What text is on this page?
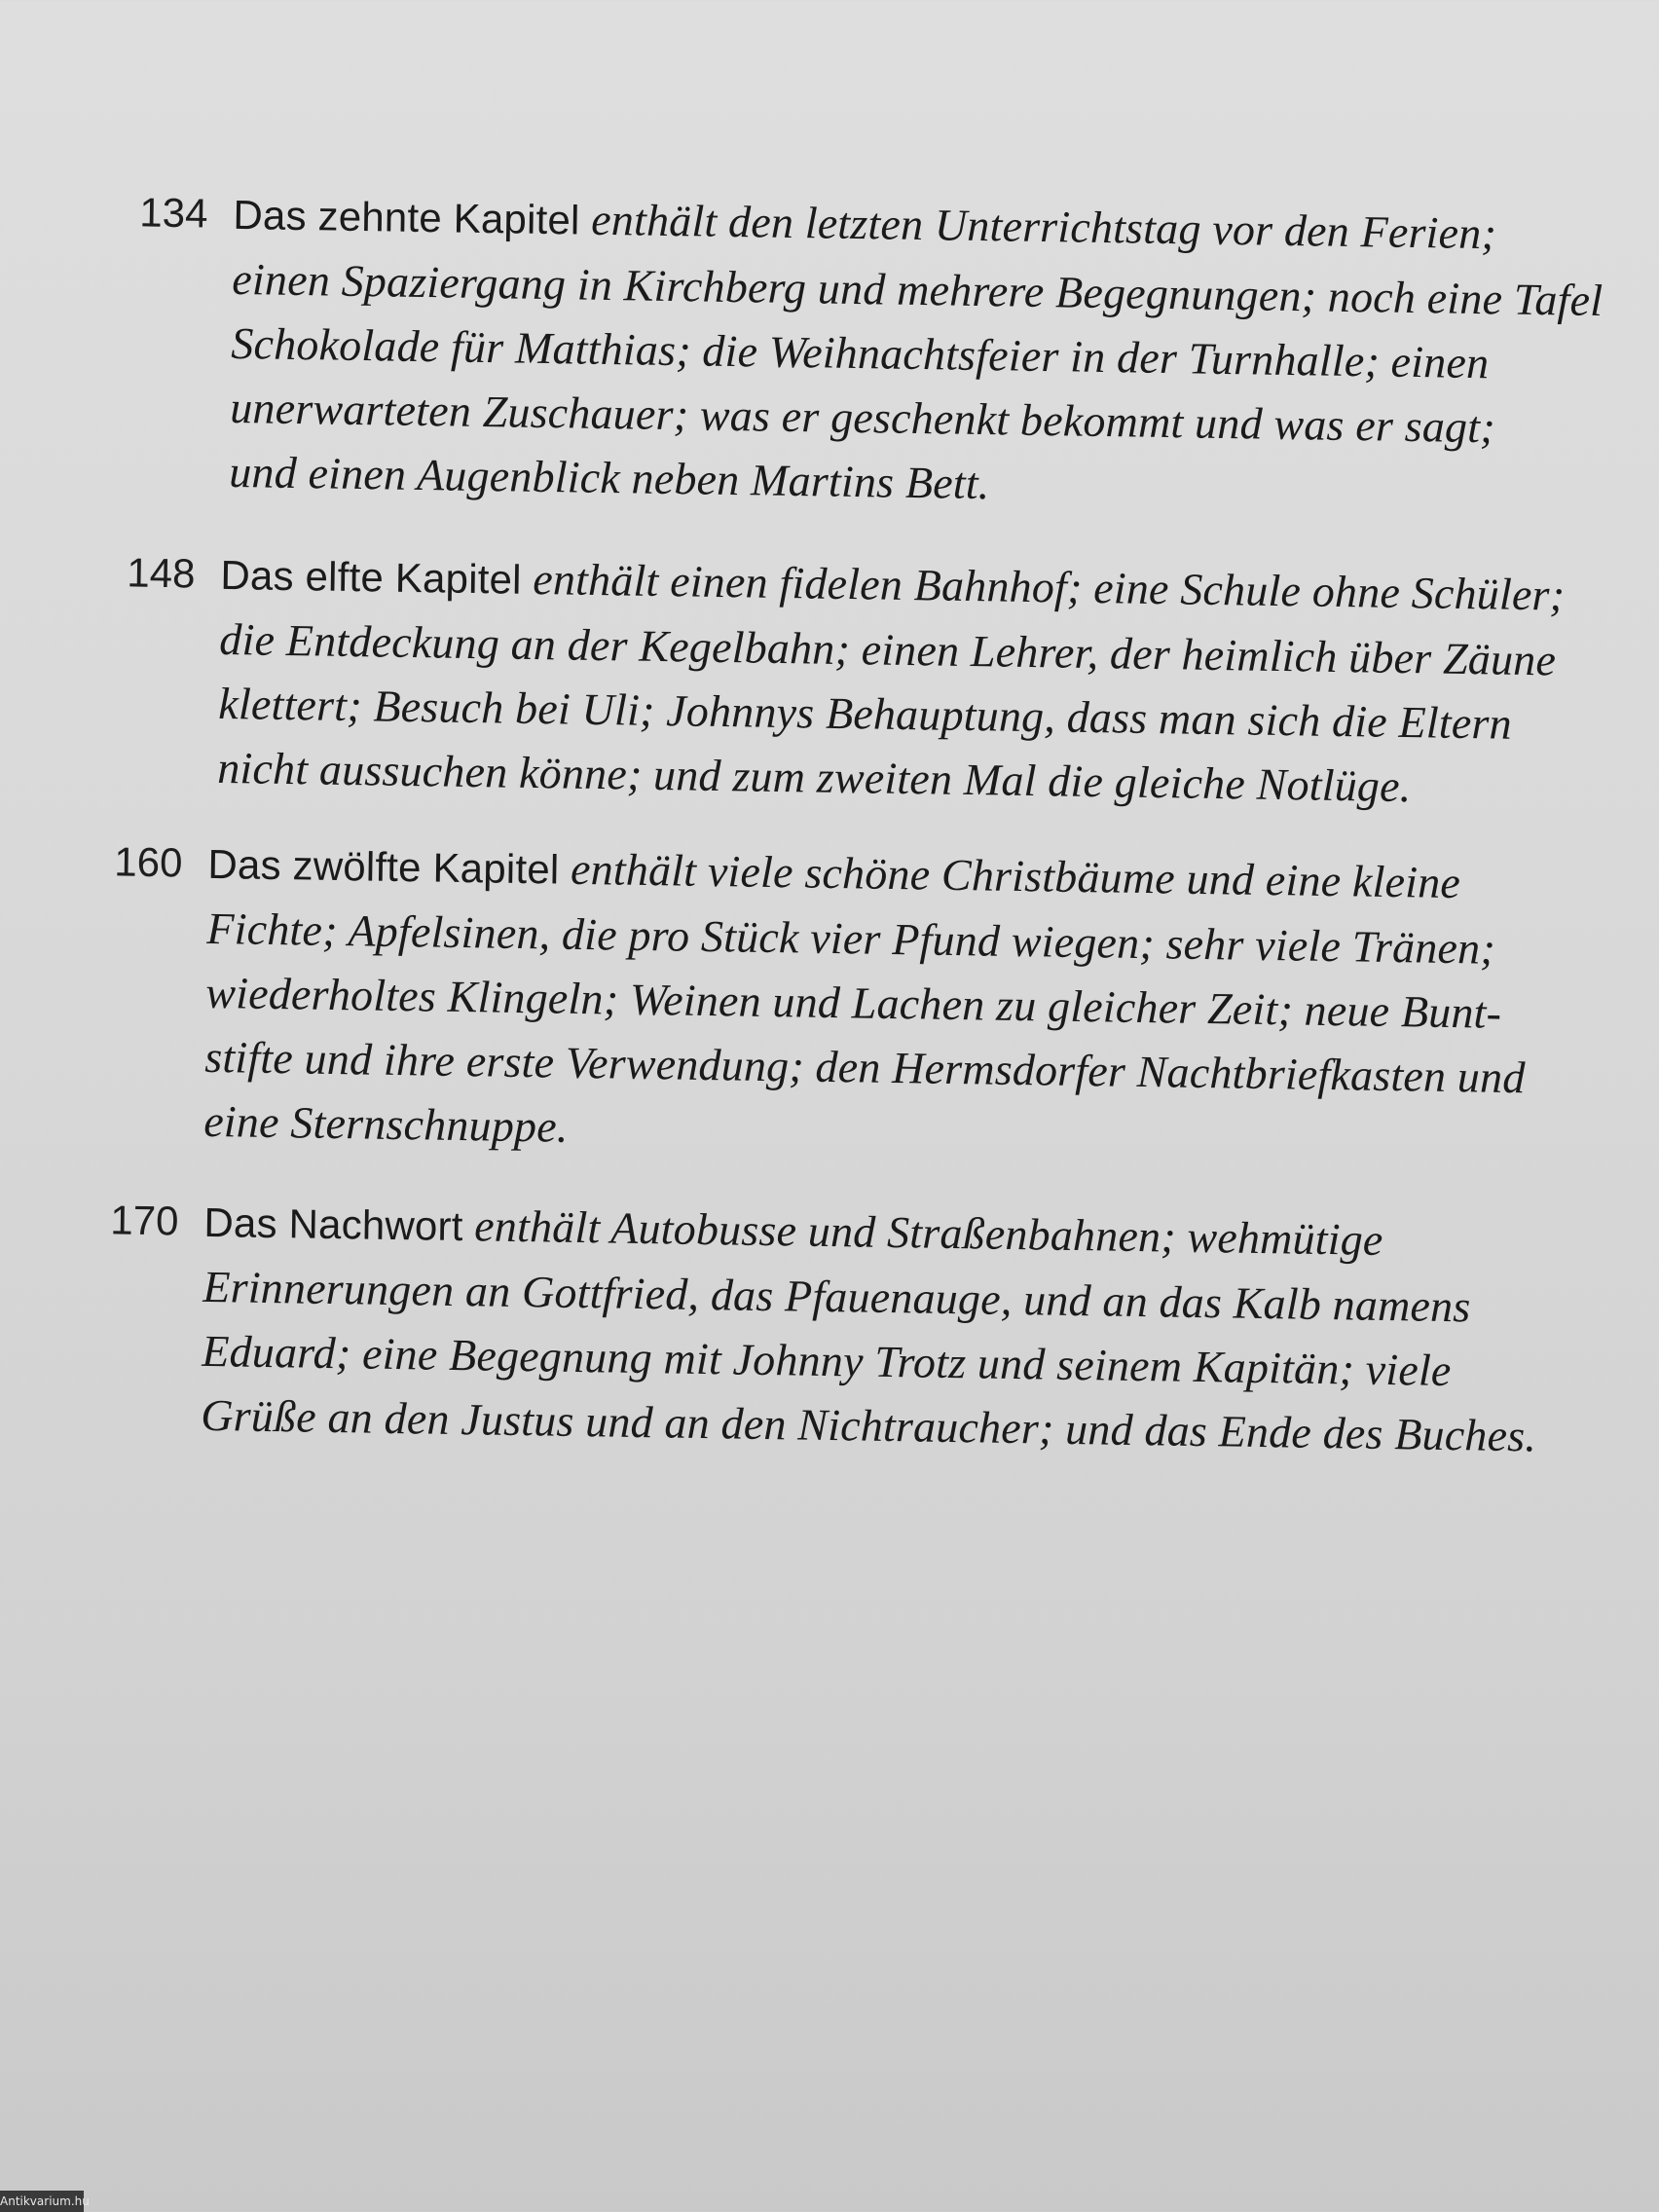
134 Das zehnte Kapitel enthält den letzten Unterrichtstag vor den Ferien;
einen Spaziergang in Kirchberg und mehrere Begegnungen; noch eine Tafel
Schokolade für Matthias; die Weihnachtsfeier in der Turnhalle; einen
unerwarteten Zuschauer; was er geschenkt bekommt und was er sagt;
und einen Augenblick neben Martins Bett.
148 Das elfte Kapitel enthält einen fidelen Bahnhof; eine Schule ohne Schüler;
die Entdeckung an der Kegelbahn; einen Lehrer, der heimlich über Zäune
klettert; Besuch bei Uli; Johnnys Behauptung, dass man sich die Eltern
nicht aussuchen könne; und zum zweiten Mal die gleiche Notlüge.
160 Das zwölfte Kapitel enthält viele schöne Christbäume und eine kleine
Fichte; Apfelsinen, die pro Stück vier Pfund wiegen; sehr viele Tränen;
wiederholtes Klingeln; Weinen und Lachen zu gleicher Zeit; neue Bunt-
stifte und ihre erste Verwendung; den Hermsdorfer Nachtbriefkasten und
eine Sternschnuppe.
170 Das Nachwort enthält Autobusse und Straßenbahnen; wehmütige
Erinnerungen an Gottfried, das Pfauenauge, und an das Kalb namens
Eduard; eine Begegnung mit Johnny Trotz und seinem Kapitän; viele
Grüße an den Justus und an den Nichtraucher; und das Ende des Buches.
Antikvarium.hu
